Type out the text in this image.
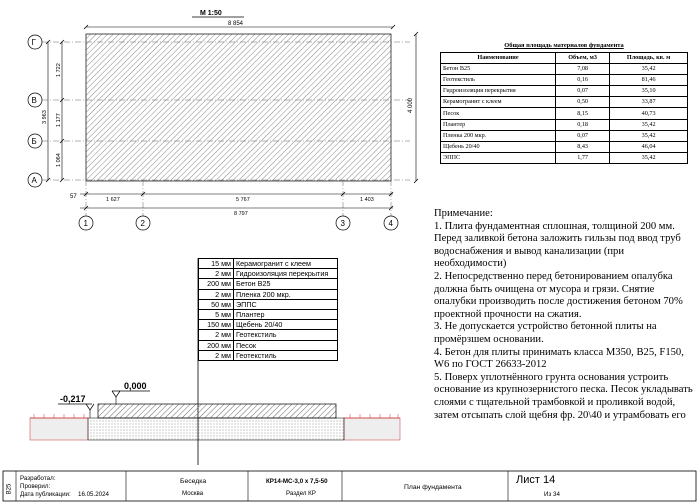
М 1:50
8 854
Г
В
Б
А
3 963
1 722
1 177
1 064
4 000
1 627	5 767	1 403
8 797
57
1	2	3	4
Общая площадь материалов фундамента
Наименование	Объем, м3	Площадь, кв. м
Бетон B25	7,08	35,42
Геотекстиль	0,16	81,46
Гидроизоляция перекрытия	0,07	35,10
Керамогранит с клеем	0,50	33,87
Песок	8,15	40,73
Плантер	0,18	35,42
Пленка 200 мкр.	0,07	35,42
Щебень 20/40	8,43	46,04
ЭППС	1,77	35,42
Примечание:
1. Плита фундаментная сплошная, толщиной 200 мм. Перед заливкой бетона заложить гильзы под ввод труб водоснабжения и вывод канализации (при необходимости)
2. Непосредственно перед бетонированием опалубка должна быть очищена от мусора и грязи. Снятие опалубки производить после достижения бетоном 70% проектной прочности на сжатия.
3. Не допускается устройство бетонной плиты на промёрзшем основании.
4. Бетон для плиты принимать класса М350, B25, F150, W6 по ГОСТ 26633-2012
5. Поверх уплотнённого грунта основания устроить основание из крупнозернистого песка. Песок укладывать слоями с тщательной трамбовкой и проливкой водой, затем отсыпать слой щебня фр. 20\40 и утрамбовать его
15 мм	Керамогранит с клеем
2 мм	Гидроизоляция перекрытия
200 мм	Бетон B25
2 мм	Пленка 200 мкр.
50 мм	ЭППС
5 мм	Плантер
150 мм	Щебень 20/40
2 мм	Геотекстиль
200 мм	Песок
2 мм	Геотекстиль
0,000
-0,217
В25
Разработал:
Проверил:
Дата публикации: 16.05.2024
Беседка
Москва
КР14-МС-3,0 х 7,5-50
Раздел КР
План фундамента
Лист 14
Из 34
